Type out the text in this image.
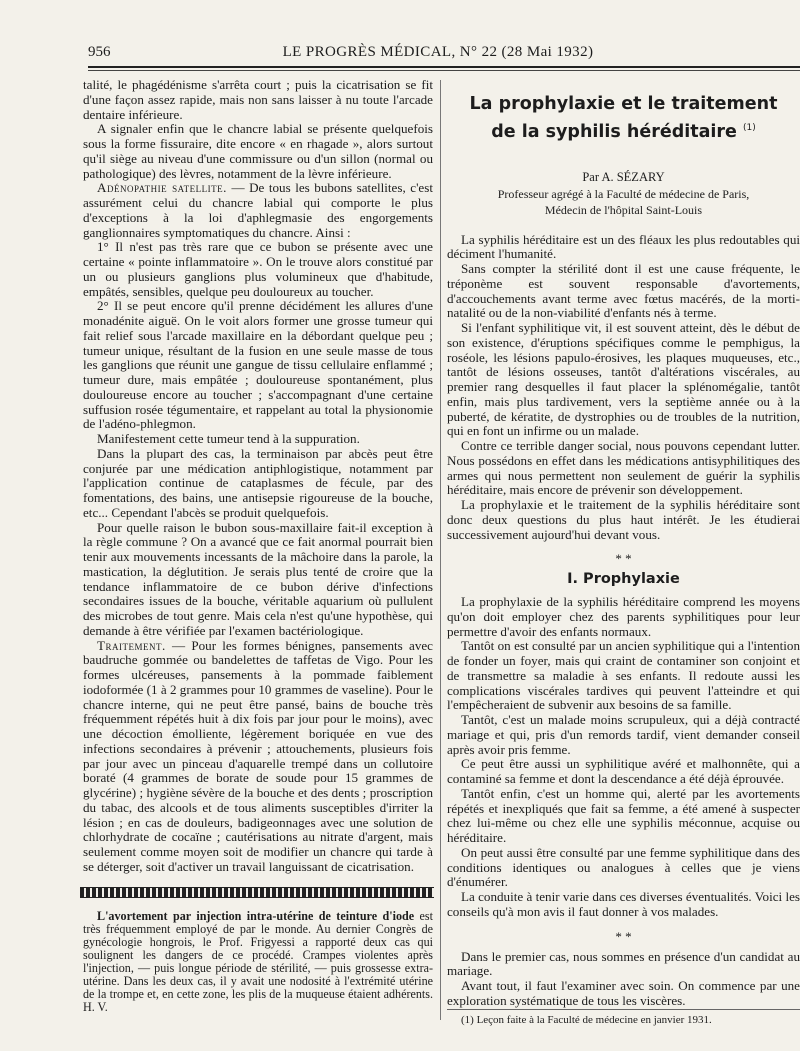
956	LE PROGRÈS MÉDICAL, N° 22 (28 Mai 1932)

talité, le phagédénisme s'arrêta court ; puis la cicatrisation se fit d'une façon assez rapide, mais non sans laisser à nu toute l'arcade dentaire inférieure.

A signaler enfin que le chancre labial se présente quelquefois sous la forme fissuraire, dite encore « en rhagade », alors surtout qu'il siège au niveau d'une commissure ou d'un sillon (normal ou pathologique) des lèvres, notamment de la lèvre inférieure.

Adénopathie satellite. — De tous les bubons satellites, c'est assurément celui du chancre labial qui comporte le plus d'exceptions à la loi d'aphlegmasie des engorgements ganglionnaires symptomatiques du chancre. Ainsi :

1° Il n'est pas très rare que ce bubon se présente avec une certaine « pointe inflammatoire ». On le trouve alors constitué par un ou plusieurs ganglions plus volumineux que d'habitude, empâtés, sensibles, quelque peu douloureux au toucher.

2° Il se peut encore qu'il prenne décidément les allures d'une monadénite aiguë. On le voit alors former une grosse tumeur qui fait relief sous l'arcade maxillaire en la débordant quelque peu ; tumeur unique, résultant de la fusion en une seule masse de tous les ganglions que réunit une gangue de tissu cellulaire enflammé ; tumeur dure, mais empâtée ; douloureuse spontanément, plus douloureuse encore au toucher ; s'accompagnant d'une certaine suffusion rosée tégumentaire, et rappelant au total la physionomie de l'adéno-phlegmon.

Manifestement cette tumeur tend à la suppuration.

Dans la plupart des cas, la terminaison par abcès peut être conjurée par une médication antiphlogistique, notamment par l'application continue de cataplasmes de fécule, par des fomentations, des bains, une antisepsie rigoureuse de la bouche, etc... Cependant l'abcès se produit quelquefois.

Pour quelle raison le bubon sous-maxillaire fait-il exception à la règle commune ? On a avancé que ce fait anormal pourrait bien tenir aux mouvements incessants de la mâchoire dans la parole, la mastication, la déglutition. Je serais plus tenté de croire que la tendance inflammatoire de ce bubon dérive d'infections secondaires issues de la bouche, véritable aquarium où pullulent des microbes de tout genre. Mais cela n'est qu'une hypothèse, qui demande à être vérifiée par l'examen bactériologique.

Traitement. — Pour les formes bénignes, pansements avec baudruche gommée ou bandelettes de taffetas de Vigo. Pour les formes ulcéreuses, pansements à la pommade faiblement iodoformée (1 à 2 grammes pour 10 grammes de vaseline). Pour le chancre interne, qui ne peut être pansé, bains de bouche très fréquemment répétés huit à dix fois par jour pour le moins), avec une décoction émolliente, légèrement boriquée en vue des infections secondaires à prévenir ; attouchements, plusieurs fois par jour avec un pinceau d'aquarelle trempé dans un collutoire boraté (4 grammes de borate de soude pour 15 grammes de glycérine) ; hygiène sévère de la bouche et des dents ; proscription du tabac, des alcools et de tous aliments susceptibles d'irriter la lésion ; en cas de douleurs, badigeonnages avec une solution de chlorhydrate de cocaïne ; cautérisations au nitrate d'argent, mais seulement comme moyen soit de modifier un chancre qui tarde à se déterger, soit d'activer un travail languissant de cicatrisation.

L'avortement par injection intra-utérine de teinture d'iode est très fréquemment employé de par le monde. Au dernier Congrès de gynécologie hongrois, le Prof. Frigyessi a rapporté deux cas qui soulignent les dangers de ce procédé. Crampes violentes après l'injection, — puis longue période de stérilité, — puis grossesse extra-utérine. Dans les deux cas, il y avait une nodosité à l'extrémité utérine de la trompe et, en cette zone, les plis de la muqueuse étaient adhérents. H. V.

La prophylaxie et le traitement
de la syphilis héréditaire $^{(1)}$
Par A. SÉZARY
Professeur agrégé à la Faculté de médecine de Paris,
Médecin de l'hôpital Saint-Louis

La syphilis héréditaire est un des fléaux les plus redoutables qui déciment l'humanité.

Sans compter la stérilité dont il est une cause fréquente, le tréponème est souvent responsable d'avortements, d'accouchements avant terme avec fœtus macérés, de la morti-natalité ou de la non-viabilité d'enfants nés à terme.

Si l'enfant syphilitique vit, il est souvent atteint, dès le début de son existence, d'éruptions spécifiques comme le pemphigus, la roséole, les lésions papulo-érosives, les plaques muqueuses, etc., tantôt de lésions osseuses, tantôt d'altérations viscérales, au premier rang desquelles il faut placer la splénomégalie, tantôt enfin, mais plus tardivement, vers la septième année ou à la puberté, de kératite, de dystrophies ou de troubles de la nutrition, qui en font un infirme ou un malade.

Contre ce terrible danger social, nous pouvons cependant lutter. Nous possédons en effet dans les médications antisyphilitiques des armes qui nous permettent non seulement de guérir la syphilis héréditaire, mais encore de prévenir son développement.

La prophylaxie et le traitement de la syphilis héréditaire sont donc deux questions du plus haut intérêt. Je les étudierai successivement aujourd'hui devant vous.

* *
I. Prophylaxie

La prophylaxie de la syphilis héréditaire comprend les moyens qu'on doit employer chez des parents syphilitiques pour leur permettre d'avoir des enfants normaux.

Tantôt on est consulté par un ancien syphilitique qui a l'intention de fonder un foyer, mais qui craint de contaminer son conjoint et de transmettre sa maladie à ses enfants. Il redoute aussi les complications viscérales tardives qui peuvent l'atteindre et qui l'empêcheraient de subvenir aux besoins de sa famille.

Tantôt, c'est un malade moins scrupuleux, qui a déjà contracté mariage et qui, pris d'un remords tardif, vient demander conseil après avoir pris femme.

Ce peut être aussi un syphilitique avéré et malhonnête, qui a contaminé sa femme et dont la descendance a été déjà éprouvée.

Tantôt enfin, c'est un homme qui, alerté par les avortements répétés et inexpliqués que fait sa femme, a été amené à suspecter chez lui-même ou chez elle une syphilis méconnue, acquise ou héréditaire.

On peut aussi être consulté par une femme syphilitique dans des conditions identiques ou analogues à celles que je viens d'énumérer.

La conduite à tenir varie dans ces diverses éventualités. Voici les conseils qu'à mon avis il faut donner à vos malades.

* *

Dans le premier cas, nous sommes en présence d'un candidat au mariage.

Avant tout, il faut l'examiner avec soin. On commence par une exploration systématique de tous les viscères.

(1) Leçon faite à la Faculté de médecine en janvier 1931.
